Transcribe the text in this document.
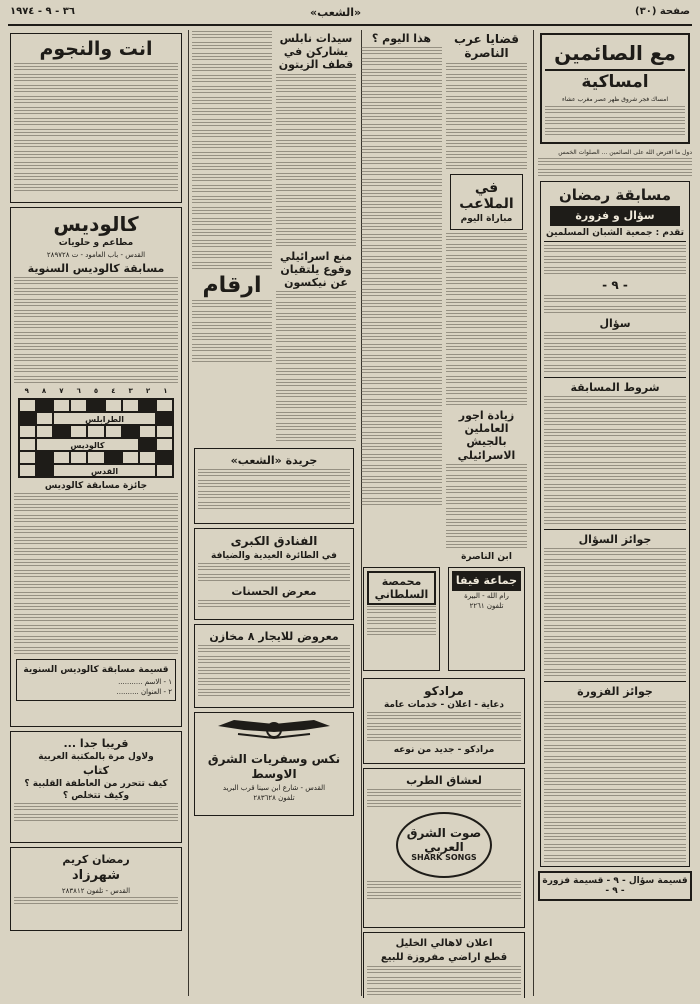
صفحة (٣٠)
«الشعب»
٣٦ - ٩ - ١٩٧٤
مع الصائمين
امساكية
امساك فجر شروق ظهر عصر مغرب عشاء
دول ما افترض الله على الصائمين ... الصلوات الخمس
مسابقة رمضان
سؤال و فزورة
تقدم : جمعية الشبان المسلمين
- ٩ -
سؤال
شروط المسابقة
جوائز السؤال
جوائز الفزورة
قسيمة سؤال - ٩ - قسيمة فزورة - ٩ -
قضايا عرب الناصرة
في الملاعب
مباراة اليوم
زيادة اجور العاملين بالجيش الاسرائيلي
ابن الناصرة
هذا اليوم ؟
جماعة فيفا
رام الله - البيرة
تلفون ٢٢٦١
محمصة السلطاني
مرادكو
دعاية - اعلان - خدمات عامة
مرادكو - جديد من نوعه
لعشاق الطرب
صوت الشرق العربي
SHARK SONGS
اعلان لاهالي الخليل
قطع اراضي مفروزة للبيع
سيدات نابلس يشاركن في قطف الزيتون
منع اسرائيلي وقوع يلتقيان عن نيكسون
ارقام
جريدة «الشعب»
الفنادق الكبرى
في الطائرة العيدية والضيافة
معرض الحسنات
معروض للايجار ٨ مخازن
نكس وسفريات الشرق الاوسط
القدس - شارع ابن سينا قرب البريد
تلفون ٢٨٣٦٢٨
انت والنجوم
كالوديس
مطاعم و حلويات
القدس - باب العامود - ت ٢٨٩٧٢٨
مسابقة كالوديس السنوية
١
٢
٣
٤
٥
٦
٧
٨
٩
الطرابلس
كالوديس
القدس
جائزة مسابقة كالوديس
قسيمة مسابقة كالوديس السنوية
١ - الاسم ...........
٢ - العنوان ..........
قريبا جدا ...
ولاول مرة بالمكتبة العربية
كتاب
كيف تتحرر من العاطفة القلبية ؟
وكيف تتخلص ؟
رمضان كريم
شهرزاد
القدس - تلفون ٢٨٣٨١٢
